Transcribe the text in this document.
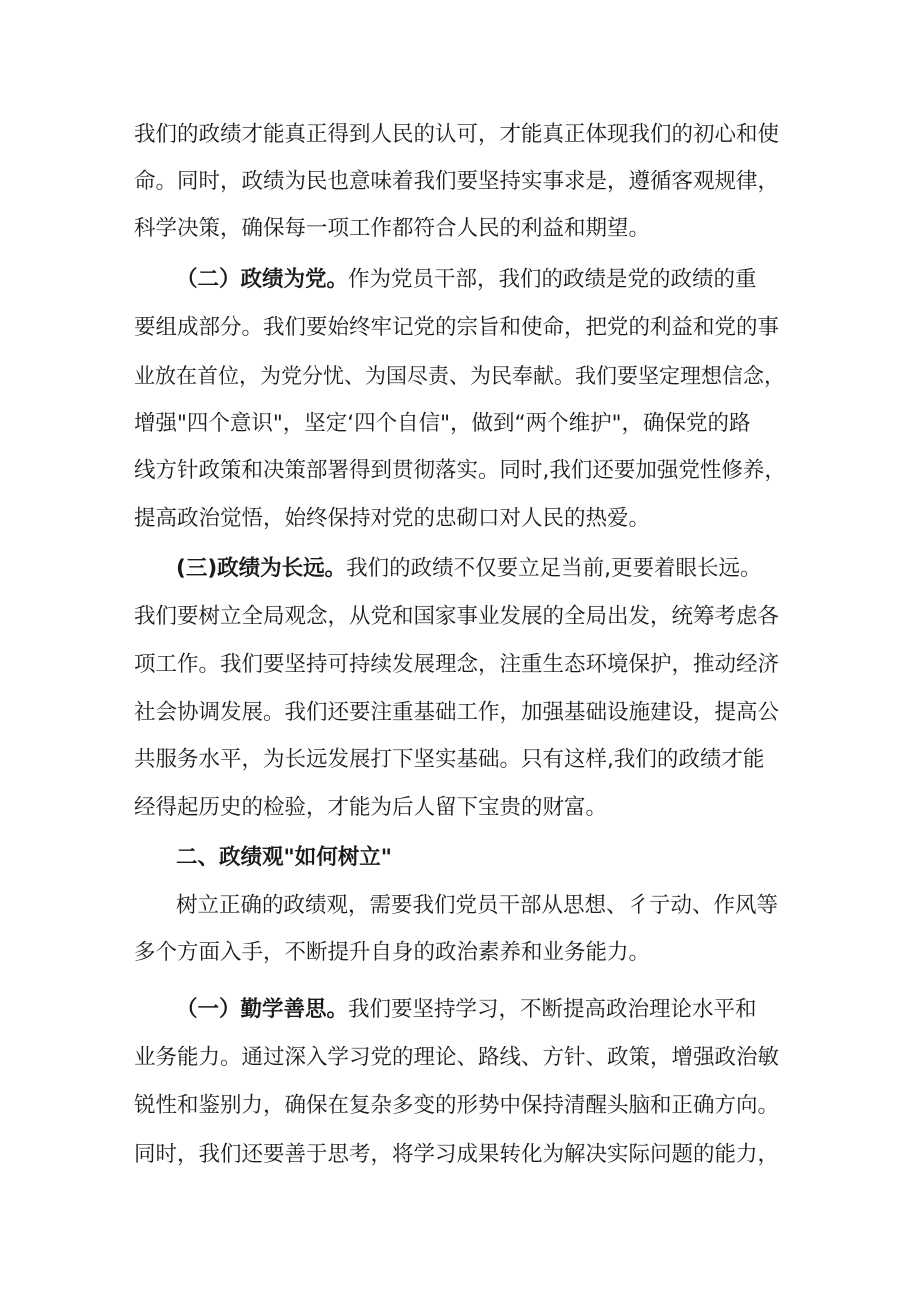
我们的政绩才能真正得到人民的认可，才能真正体现我们的初心和使
命。同时，政绩为民也意味着我们要坚持实事求是，遵循客观规律，
科学决策，确保每一项工作都符合人民的利益和期望。
（二）政绩为党。作为党员干部，我们的政绩是党的政绩的重
要组成部分。我们要始终牢记党的宗旨和使命，把党的利益和党的事
业放在首位，为党分忧、为国尽责、为民奉献。我们要坚定理想信念，
增强"四个意识"，坚定‘四个自信"，做到“两个维护"，确保党的路
线方针政策和决策部署得到贯彻落实。同时,我们还要加强党性修养，
提高政治觉悟，始终保持对党的忠砌口对人民的热爱。
(三)政绩为长远。我们的政绩不仅要立足当前,更要着眼长远。
我们要树立全局观念，从党和国家事业发展的全局出发，统筹考虑各
项工作。我们要坚持可持续发展理念，注重生态环境保护，推动经济
社会协调发展。我们还要注重基础工作，加强基础设施建设，提高公
共服务水平，为长远发展打下坚实基础。只有这样,我们的政绩才能
经得起历史的检验，才能为后人留下宝贵的财富。
二、政绩观"如何树立"
树立正确的政绩观，需要我们党员干部从思想、彳亍动、作风等
多个方面入手，不断提升自身的政治素养和业务能力。
（一）勤学善思。我们要坚持学习，不断提高政治理论水平和
业务能力。通过深入学习党的理论、路线、方针、政策，增强政治敏
锐性和鉴别力，确保在复杂多变的形势中保持清醒头脑和正确方向。
同时，我们还要善于思考，将学习成果转化为解决实际问题的能力，
